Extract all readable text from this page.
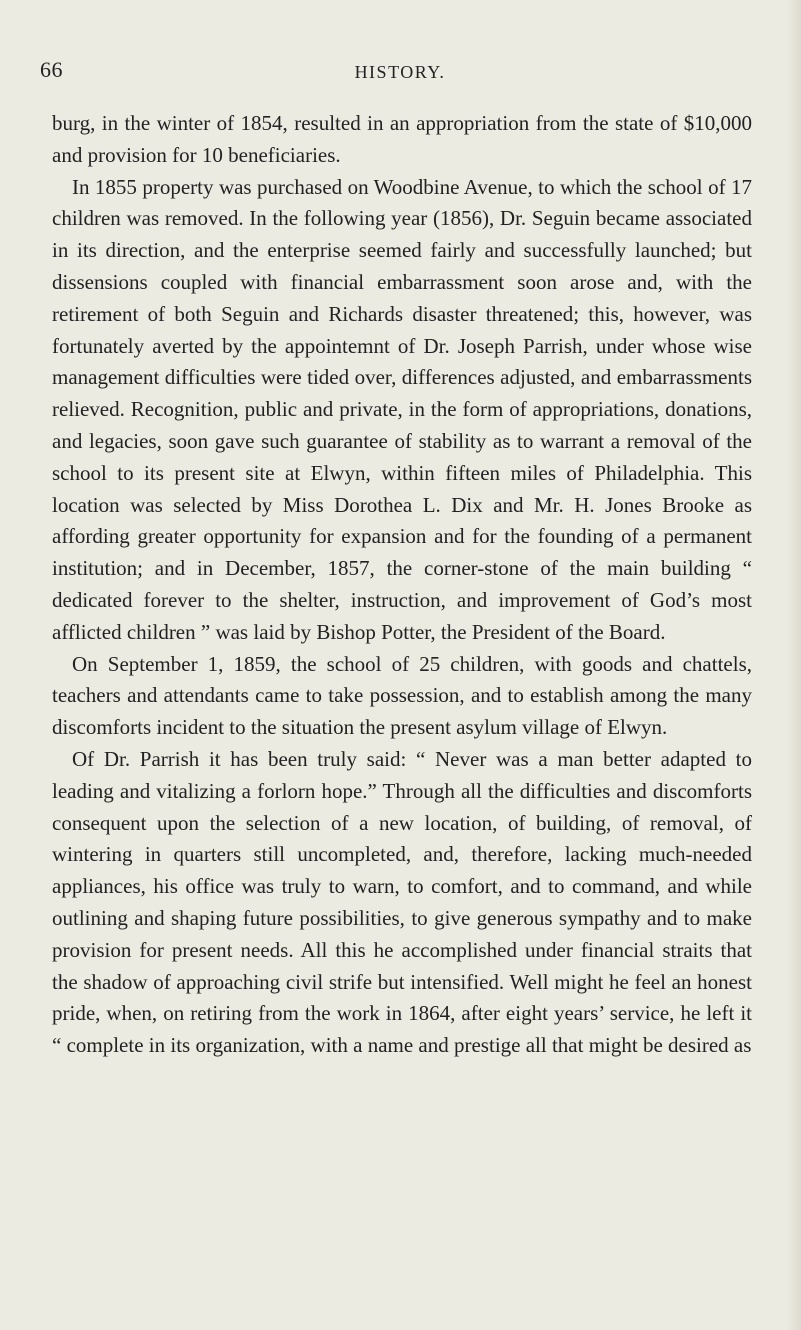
66	HISTORY.

burg, in the winter of 1854, resulted in an appropriation from the state of $10,000 and provision for 10 beneficiaries.

In 1855 property was purchased on Woodbine Avenue, to which the school of 17 children was removed. In the following year (1856), Dr. Seguin became associated in its direction, and the enterprise seemed fairly and successfully launched; but dissensions coupled with financial embarrassment soon arose and, with the retirement of both Seguin and Richards disaster threatened; this, however, was fortunately averted by the appointemnt of Dr. Joseph Parrish, under whose wise management difficulties were tided over, differences adjusted, and embarrassments relieved. Recognition, public and private, in the form of appropriations, donations, and legacies, soon gave such guarantee of stability as to warrant a removal of the school to its present site at Elwyn, within fifteen miles of Philadelphia. This location was selected by Miss Dorothea L. Dix and Mr. H. Jones Brooke as affording greater opportunity for expansion and for the founding of a permanent institution; and in December, 1857, the corner-stone of the main building “ dedicated forever to the shelter, instruction, and improvement of God’s most afflicted children ” was laid by Bishop Potter, the President of the Board.

On September 1, 1859, the school of 25 children, with goods and chattels, teachers and attendants came to take possession, and to establish among the many discomforts incident to the situation the present asylum village of Elwyn.

Of Dr. Parrish it has been truly said: “ Never was a man better adapted to leading and vitalizing a forlorn hope.” Through all the difficulties and discomforts consequent upon the selection of a new location, of building, of removal, of wintering in quarters still uncompleted, and, therefore, lacking much-needed appliances, his office was truly to warn, to comfort, and to command, and while outlining and shaping future possibilities, to give generous sympathy and to make provision for present needs. All this he accomplished under financial straits that the shadow of approaching civil strife but intensified. Well might he feel an honest pride, when, on retiring from the work in 1864, after eight years’ service, he left it “ complete in its organization, with a name and prestige all that might be desired as
